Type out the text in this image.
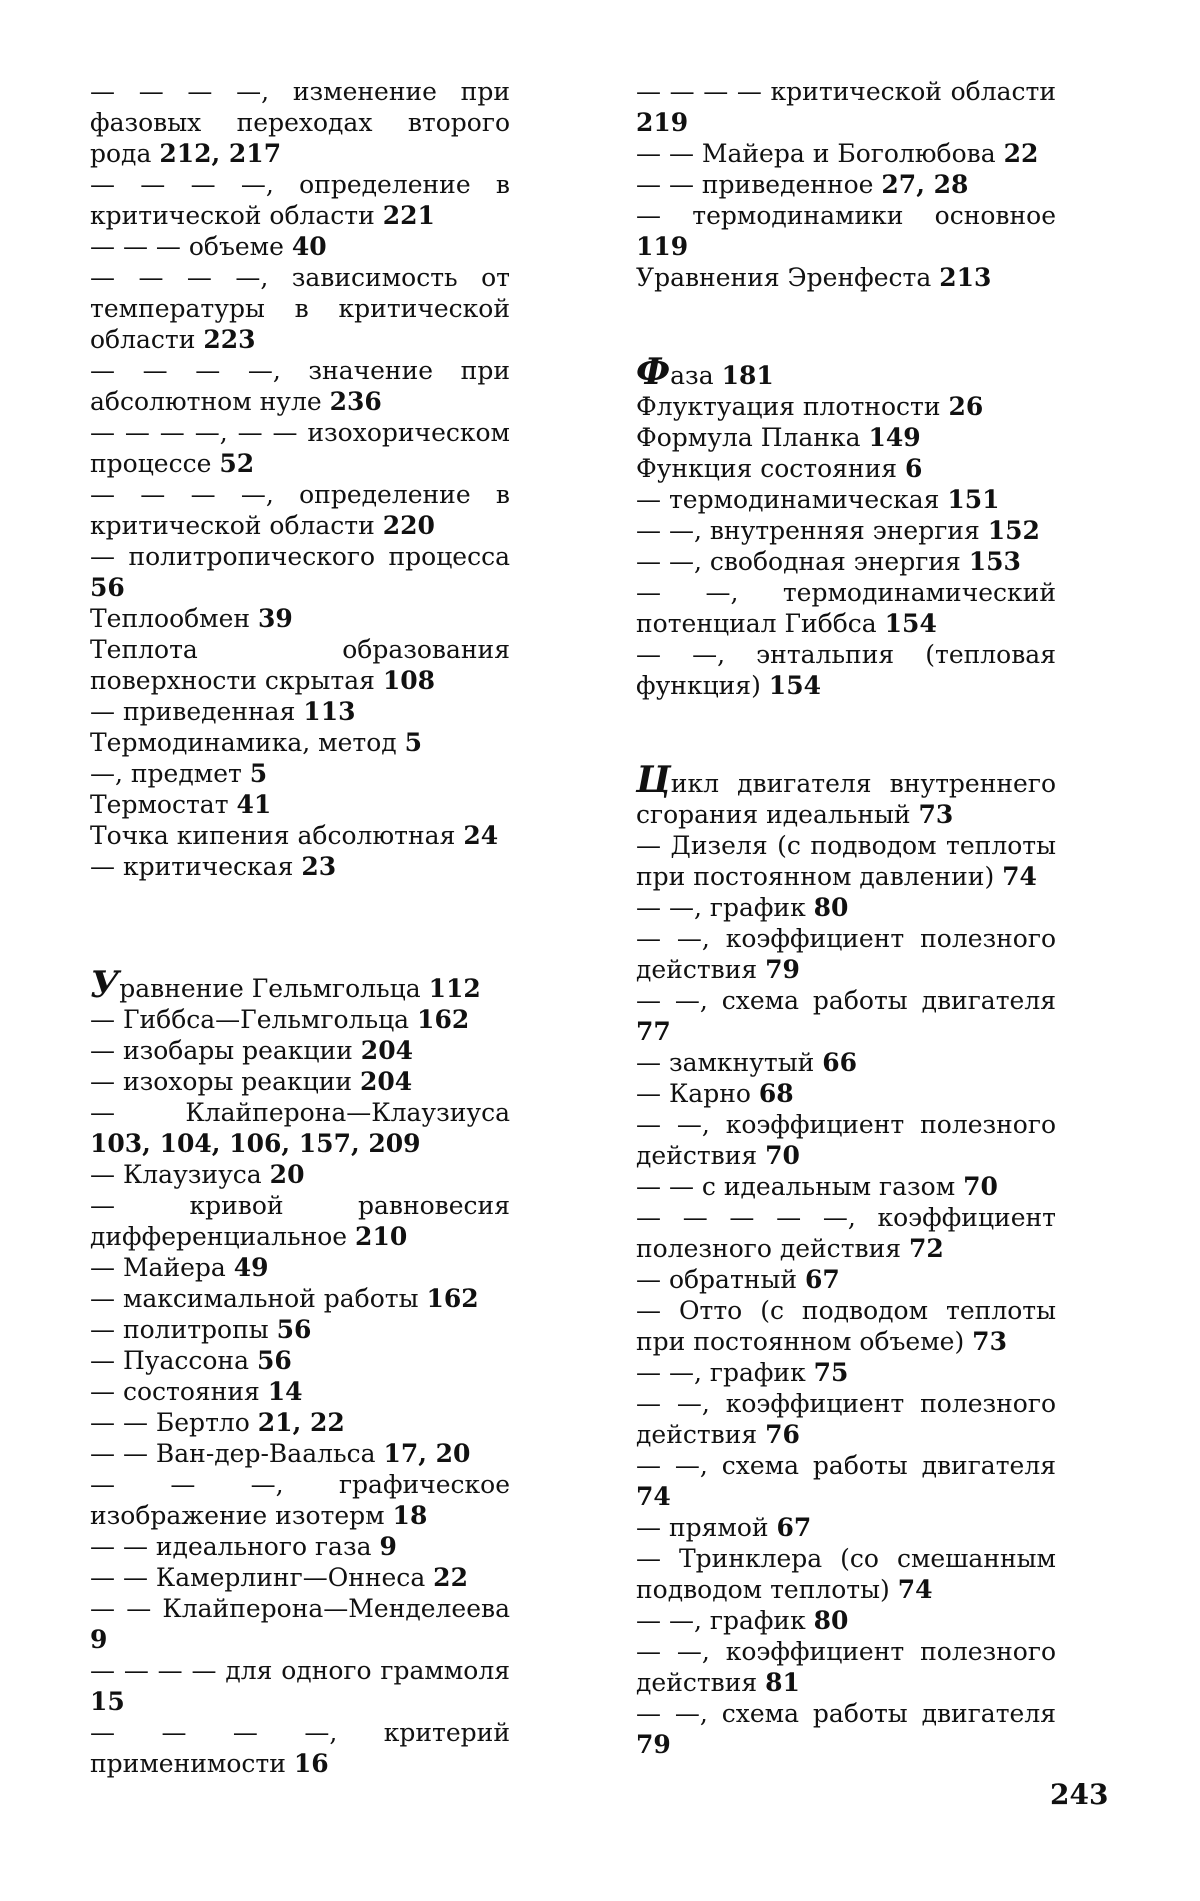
— — — —, изменение при фазовых переходах второго рода 212, 217
— — — —, определение в критической области 221
— — — объеме 40
— — — —, зависимость от температуры в критической области 223
— — — —, значение при абсолютном нуле 236
— — — —, — — изохорическом процессе 52
— — — —, определение в критической области 220
— политропического процесса 56
Теплообмен 39
Теплота образования поверхности скрытая 108
— приведенная 113
Термодинамика, метод 5
—, предмет 5
Термостат 41
Точка кипения абсолютная 24
— критическая 23
Уравнение Гельмгольца 112
— Гиббса—Гельмгольца 162
— изобары реакции 204
— изохоры реакции 204
— Клайперона—Клаузиуса 103, 104, 106, 157, 209
— Клаузиуса 20
— кривой равновесия дифференциальное 210
— Майера 49
— максимальной работы 162
— политропы 56
— Пуассона 56
— состояния 14
— — Бертло 21, 22
— — Ван-дер-Ваальса 17, 20
— — —, графическое изображение изотерм 18
— — идеального газа 9
— — Камерлинг—Оннеса 22
— — Клайперона—Менделеева 9
— — — — для одного граммоля 15
— — — —, критерий применимости 16
— — — — критической области 219
— — Майера и Боголюбова 22
— — приведенное 27, 28
— термодинамики основное 119
Уравнения Эренфеста 213
Фаза 181
Флуктуация плотности 26
Формула Планка 149
Функция состояния 6
— термодинамическая 151
— —, внутренняя энергия 152
— —, свободная энергия 153
— —, термодинамический потенциал Гиббса 154
— —, энтальпия (тепловая функция) 154
Цикл двигателя внутреннего сгорания идеальный 73
— Дизеля (с подводом теплоты при постоянном давлении) 74
— —, график 80
— —, коэффициент полезного действия 79
— —, схема работы двигателя 77
— замкнутый 66
— Карно 68
— —, коэффициент полезного действия 70
— — с идеальным газом 70
— — — — —, коэффициент полезного действия 72
— обратный 67
— Отто (с подводом теплоты при постоянном объеме) 73
— —, график 75
— —, коэффициент полезного действия 76
— —, схема работы двигателя 74
— прямой 67
— Тринклера (со смешанным подводом теплоты) 74
— —, график 80
— —, коэффициент полезного действия 81
— —, схема работы двигателя 79
243
